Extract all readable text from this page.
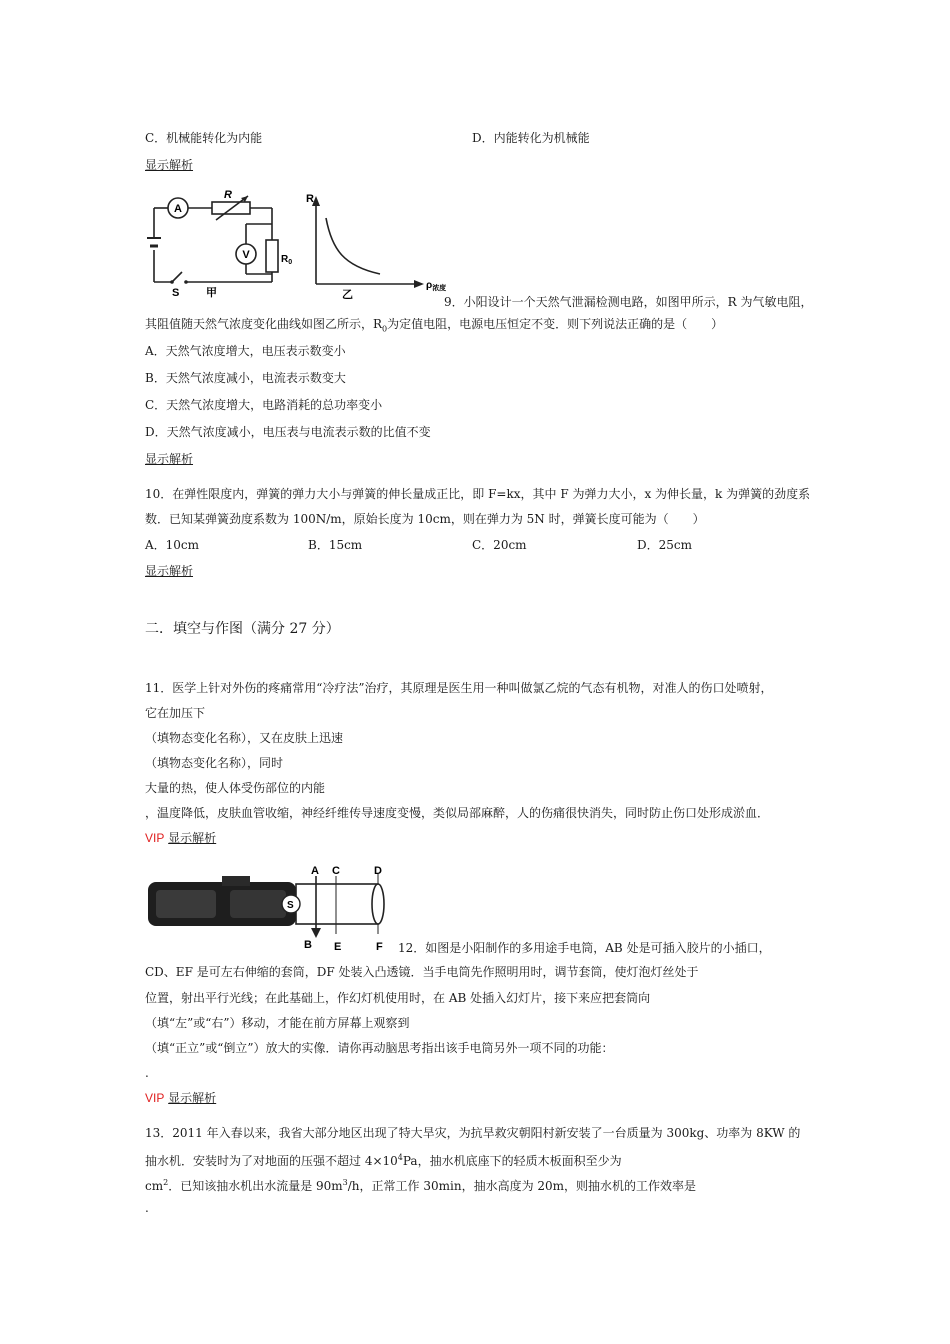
C．机械能转化为内能	D．内能转化为机械能
显示解析
A
V
R
$R_0$
S 甲
R
乙
$\rho_{浓度}$
9．小阳设计一个天然气泄漏检测电路，如图甲所示，R 为气敏电阻，
其阻值随天然气浓度变化曲线如图乙所示，$R_0$为定值电阻，电源电压恒定不变．则下列说法正确的是（　　）
A．天然气浓度增大，电压表示数变小
B．天然气浓度减小，电流表示数变大
C．天然气浓度增大，电路消耗的总功率变小
D．天然气浓度减小，电压表与电流表示数的比值不变
显示解析
10．在弹性限度内，弹簧的弹力大小与弹簧的伸长量成正比，即 F=kx，其中 F 为弹力大小，x 为伸长量，k 为弹簧的劲度系
数．已知某弹簧劲度系数为 100N/m，原始长度为 10cm，则在弹力为 5N 时，弹簧长度可能为（　　）
A．10cm	B．15cm	C．20cm	D．25cm
显示解析
二．填空与作图（满分 27 分）
11．医学上针对外伤的疼痛常用“冷疗法”治疗，其原理是医生用一种叫做氯乙烷的气态有机物，对准人的伤口处喷射，
它在加压下
（填物态变化名称），又在皮肤上迅速
（填物态变化名称），同时
大量的热，使人体受伤部位的内能
，温度降低，皮肤血管收缩，神经纤维传导速度变慢，类似局部麻醉，人的伤痛很快消失，同时防止伤口处形成淤血．
VIP 显示解析
A C	D
B E	F
S
12．如图是小阳制作的多用途手电筒，AB 处是可插入胶片的小插口，
CD、EF 是可左右伸缩的套筒，DF 处装入凸透镜．当手电筒先作照明用时，调节套筒，使灯泡灯丝处于
位置，射出平行光线；在此基础上，作幻灯机使用时，在 AB 处插入幻灯片，接下来应把套筒向
（填“左”或“右”）移动，才能在前方屏幕上观察到
（填“正立”或“倒立”）放大的实像．请你再动脑思考指出该手电筒另外一项不同的功能：
.
VIP 显示解析
13．2011 年入春以来，我省大部分地区出现了特大旱灾，为抗旱救灾朝阳村新安装了一台质量为 300kg、功率为 8KW 的
抽水机．安装时为了对地面的压强不超过 $4\times 10^4Pa$，抽水机底座下的轻质木板面积至少为
$cm^2$．已知该抽水机出水流量是 $90m^3/h$，正常工作 30min，抽水高度为 20m，则抽水机的工作效率是
.
